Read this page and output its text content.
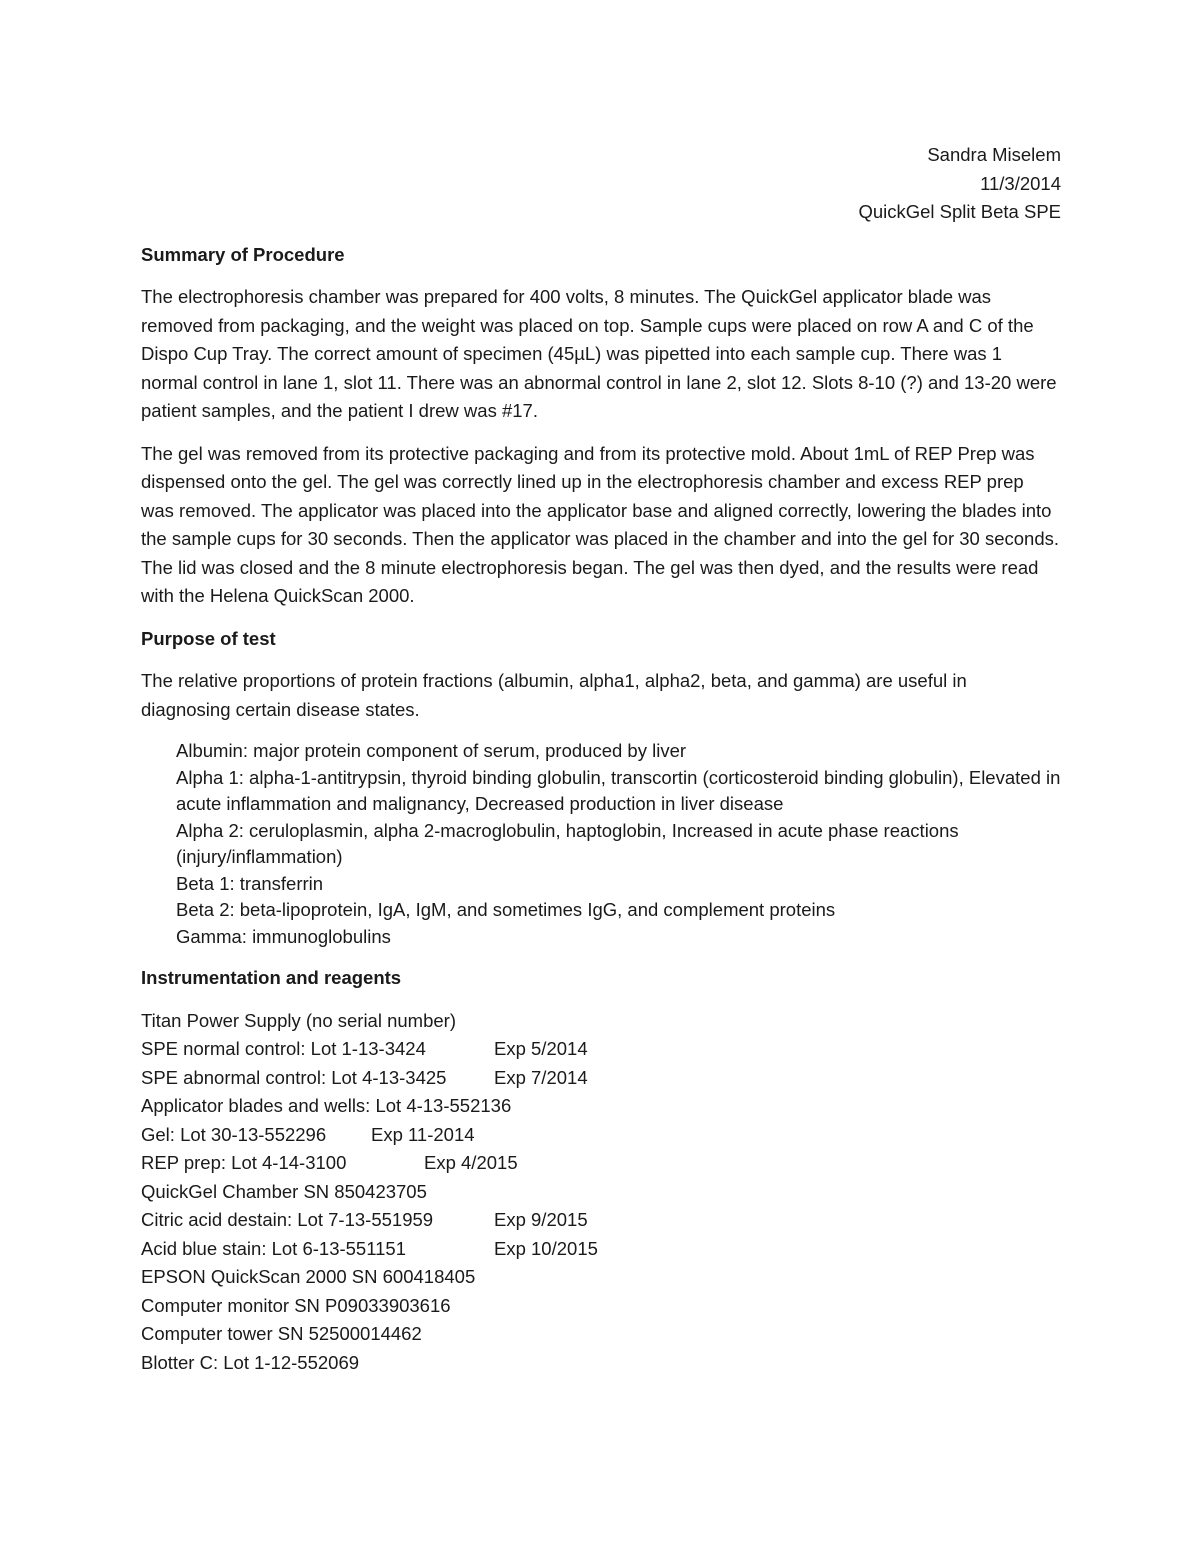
Sandra Miselem
11/3/2014
QuickGel Split Beta SPE
Summary of Procedure

The electrophoresis chamber was prepared for 400 volts, 8 minutes. The QuickGel applicator blade was removed from packaging, and the weight was placed on top. Sample cups were placed on row A and C of the Dispo Cup Tray. The correct amount of specimen (45µL) was pipetted into each sample cup. There was 1 normal control in lane 1, slot 11. There was an abnormal control in lane 2, slot 12. Slots 8-10 (?) and 13-20 were patient samples, and the patient I drew was #17.

The gel was removed from its protective packaging and from its protective mold. About 1mL of REP Prep was dispensed onto the gel. The gel was correctly lined up in the electrophoresis chamber and excess REP prep was removed. The applicator was placed into the applicator base and aligned correctly, lowering the blades into the sample cups for 30 seconds. Then the applicator was placed in the chamber and into the gel for 30 seconds. The lid was closed and the 8 minute electrophoresis began. The gel was then dyed, and the results were read with the Helena QuickScan 2000.

Purpose of test

The relative proportions of protein fractions (albumin, alpha1, alpha2, beta, and gamma) are useful in diagnosing certain disease states.

Albumin: major protein component of serum, produced by liver
Alpha 1: alpha-1-antitrypsin, thyroid binding globulin, transcortin (corticosteroid binding globulin), Elevated in acute inflammation and malignancy, Decreased production in liver disease
Alpha 2: ceruloplasmin, alpha 2-macroglobulin, haptoglobin, Increased in acute phase reactions (injury/inflammation)
Beta 1: transferrin
Beta 2: beta-lipoprotein, IgA, IgM, and sometimes IgG, and complement proteins
Gamma: immunoglobulins
Instrumentation and reagents
Titan Power Supply (no serial number)
SPE normal control: Lot 1-13-3424	Exp 5/2014
SPE abnormal control: Lot 4-13-3425	Exp 7/2014
Applicator blades and wells: Lot 4-13-552136
Gel: Lot 30-13-552296 Exp 11-2014
REP prep: Lot 4-14-3100	Exp 4/2015
QuickGel Chamber SN 850423705
Citric acid destain: Lot 7-13-551959	Exp 9/2015
Acid blue stain: Lot 6-13-551151	Exp 10/2015
EPSON QuickScan 2000 SN 600418405
Computer monitor SN P09033903616
Computer tower SN 52500014462
Blotter C: Lot 1-12-552069
